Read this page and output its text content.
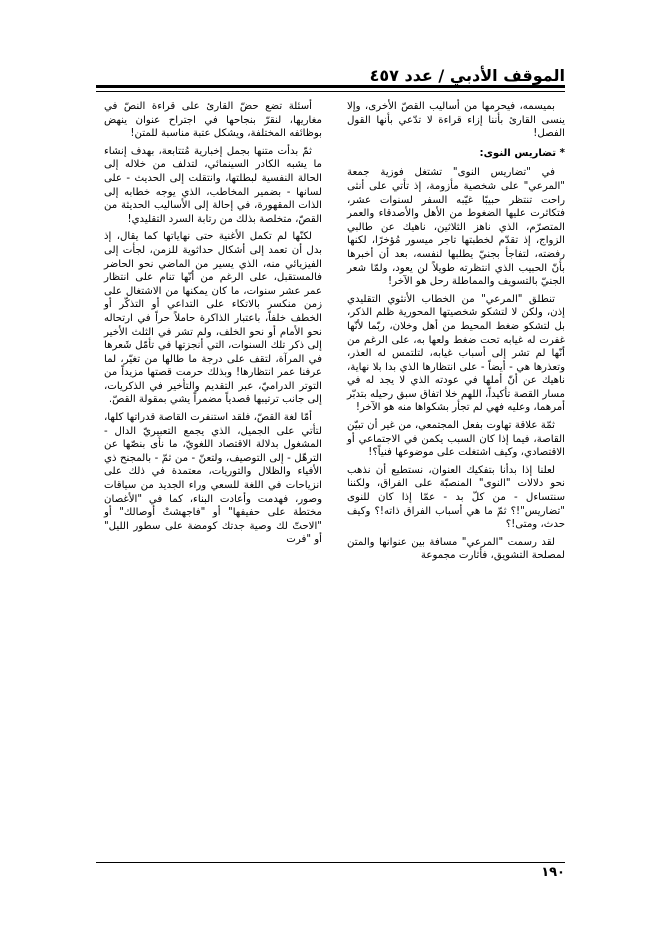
الموقف الأدبي / عدد ٤٥٧

بميسمه، فيحرمها من أساليب القصّ الأخرى، وإلا ينسى القارئ بأننا إزاء قراءة لا تدّعي بأنها القول الفصل!

* تضاريس النوى:

في "تضاريس النوى" تشتغل فوزية جمعة "المرعي" على شخصية مأزومة، إذ تأتي على أنثى راحت تنتظر حبيبًا غيّبه السفر لسنوات عشر، فتكاثرت عليها الضغوط من الأهل والأصدقاء والعمر المتصرّم، الذي ناهز الثلاثين، ناهيك عن طالبي الزواج، إذ تقدّم لخطبتها تاجر ميسور مُؤخرًا، لكنها رفضته، لتفاجأ بجنيّ يطلبها لنفسه، بعد أن أخبرها بأنّ الحبيب الذي انتظرته طويلاً لن يعود، ولمّا شعر الجنيّ بالتسويف والمماطلة رحل هو الآخر!

تنطلق "المرعي" من الخطاب الأنثوي التقليدي إذن، ولكن لا لتشكو شخصيتها المحورية ظلم الذكر، بل لتشكو ضغط المحيط من أهل وخلان، ربّما لأنّها غفرت له غيابه تحت ضغط ولعها به، على الرغم من أنّها لم تشر إلى أسباب غيابه، لتلتمس له العذر، وتعذرها هي - أيضاً - على انتظارها الذي بدا بلا نهاية، ناهيك عن أنّ أملها في عودته الذي لا يجد له في مسار القصة تأكيداً، اللهم خلا اتفاق سبق رحيله بتدبّر أمرهما، وعليه فهي لم تجأر بشكواها منه هو الآخر!

ثمّة علاقة تهاوت بفعل المجتمعي، من غير أن تبيّن القاصة، فيما إذا كان السبب يكمن في الاجتماعي أو الاقتصادي، وكيف اشتغلت على موضوعها فنياً؟!

لعلنا إذا بدأنا بتفكيك العنوان، نستطيع أن نذهب نحو دلالات "النوى" المنصبّة على الفراق، ولكننا سنتساءل - من كلّ بد - عمّا إذا كان للنوى "تضاريس"!؟ ثمّ ما هي أسباب الفراق ذاته!؟ وكيف حدث، ومتى!؟

لقد رسمت "المرعي" مسافة بين عنوانها والمتن لمصلحة التشويق، فأثارت مجموعة

أسئلة تضع حضّ القارئ على قراءة النصّ في مغاريها، لنقرّ بنجاحها في اجتراح عنوان ينهض بوظائفه المختلفة، ويشكل عتبة مناسبة للمتن!

ثمّ بدأت متنها بجمل إخبارية مُتتابعة، بهدف إنشاء ما يشبه الكادر السينمائي، لتدلف من خلاله إلى الحالة النفسية لبطلتها، وانتقلت إلى الحديث - على لسانها - بضمير المخاطب، الذي يوجه خطابه إلى الذات المقهورة، في إحالة إلى الأساليب الحديثة من القصّ، متخلصة بذلك من رتابة السرد التقليدي!

لكنّها لم تكمل الأغنية حتى نهاياتها كما يقال، إذ بدل أن تعمد إلى أشكال حداثوية للزمن، لجأت إلى الفيزيائي منه، الذي يسير من الماضي نحو الحاضر فالمستقبل، على الرغم من أنّها تنام على انتظار عمر عشر سنوات، ما كان يمكنها من الاشتغال على زمن منكسر بالاتكاء على التداعي أو التذكّر أو الخطف خلفاً، باعتبار الذاكرة حاملاً حراً في ارتحاله نحو الأمام أو نحو الخلف، ولم تشر في الثلث الأخير إلى ذكر تلك السنوات، التي أنجزتها في تأمّل شَعرها في المرآة، لتقف على درجة ما طالها من تغيّر، لما عرفنا عمر انتظارها! وبذلك حرمت قصتها مزيداً من التوتر الدراميّ، عبر التقديم والتأخير في الذكريات، إلى جانب ترتيبها قصدياً مضمراً يشي بمقولة القصّ.

أمّا لغة القصّ، فلقد استنفرت القاصة قدراتها كلها، لتأتي على الجميل، الذي يجمع التعبيريّ الدال - المشغول بدلالة الاقتصاد اللغويّ، ما نأى بنصّها عن الترهّل - إلى التوصيف، ولتعنّ - من ثمّ - بالمجنح ذي الأفياء والظلال والتوريات، معتمدة في ذلك على انزياحات في اللغة للسعي وراء الجديد من سياقات وصور، فهدمت وأعادت البناء، كما في "الأغصان مختطة على حفيفها" أو "فاجهشتْ أوصالك" أو "الاحتّ لك وصية جدتك كومضة على سطور الليل" أو "فرت

١٩٠
